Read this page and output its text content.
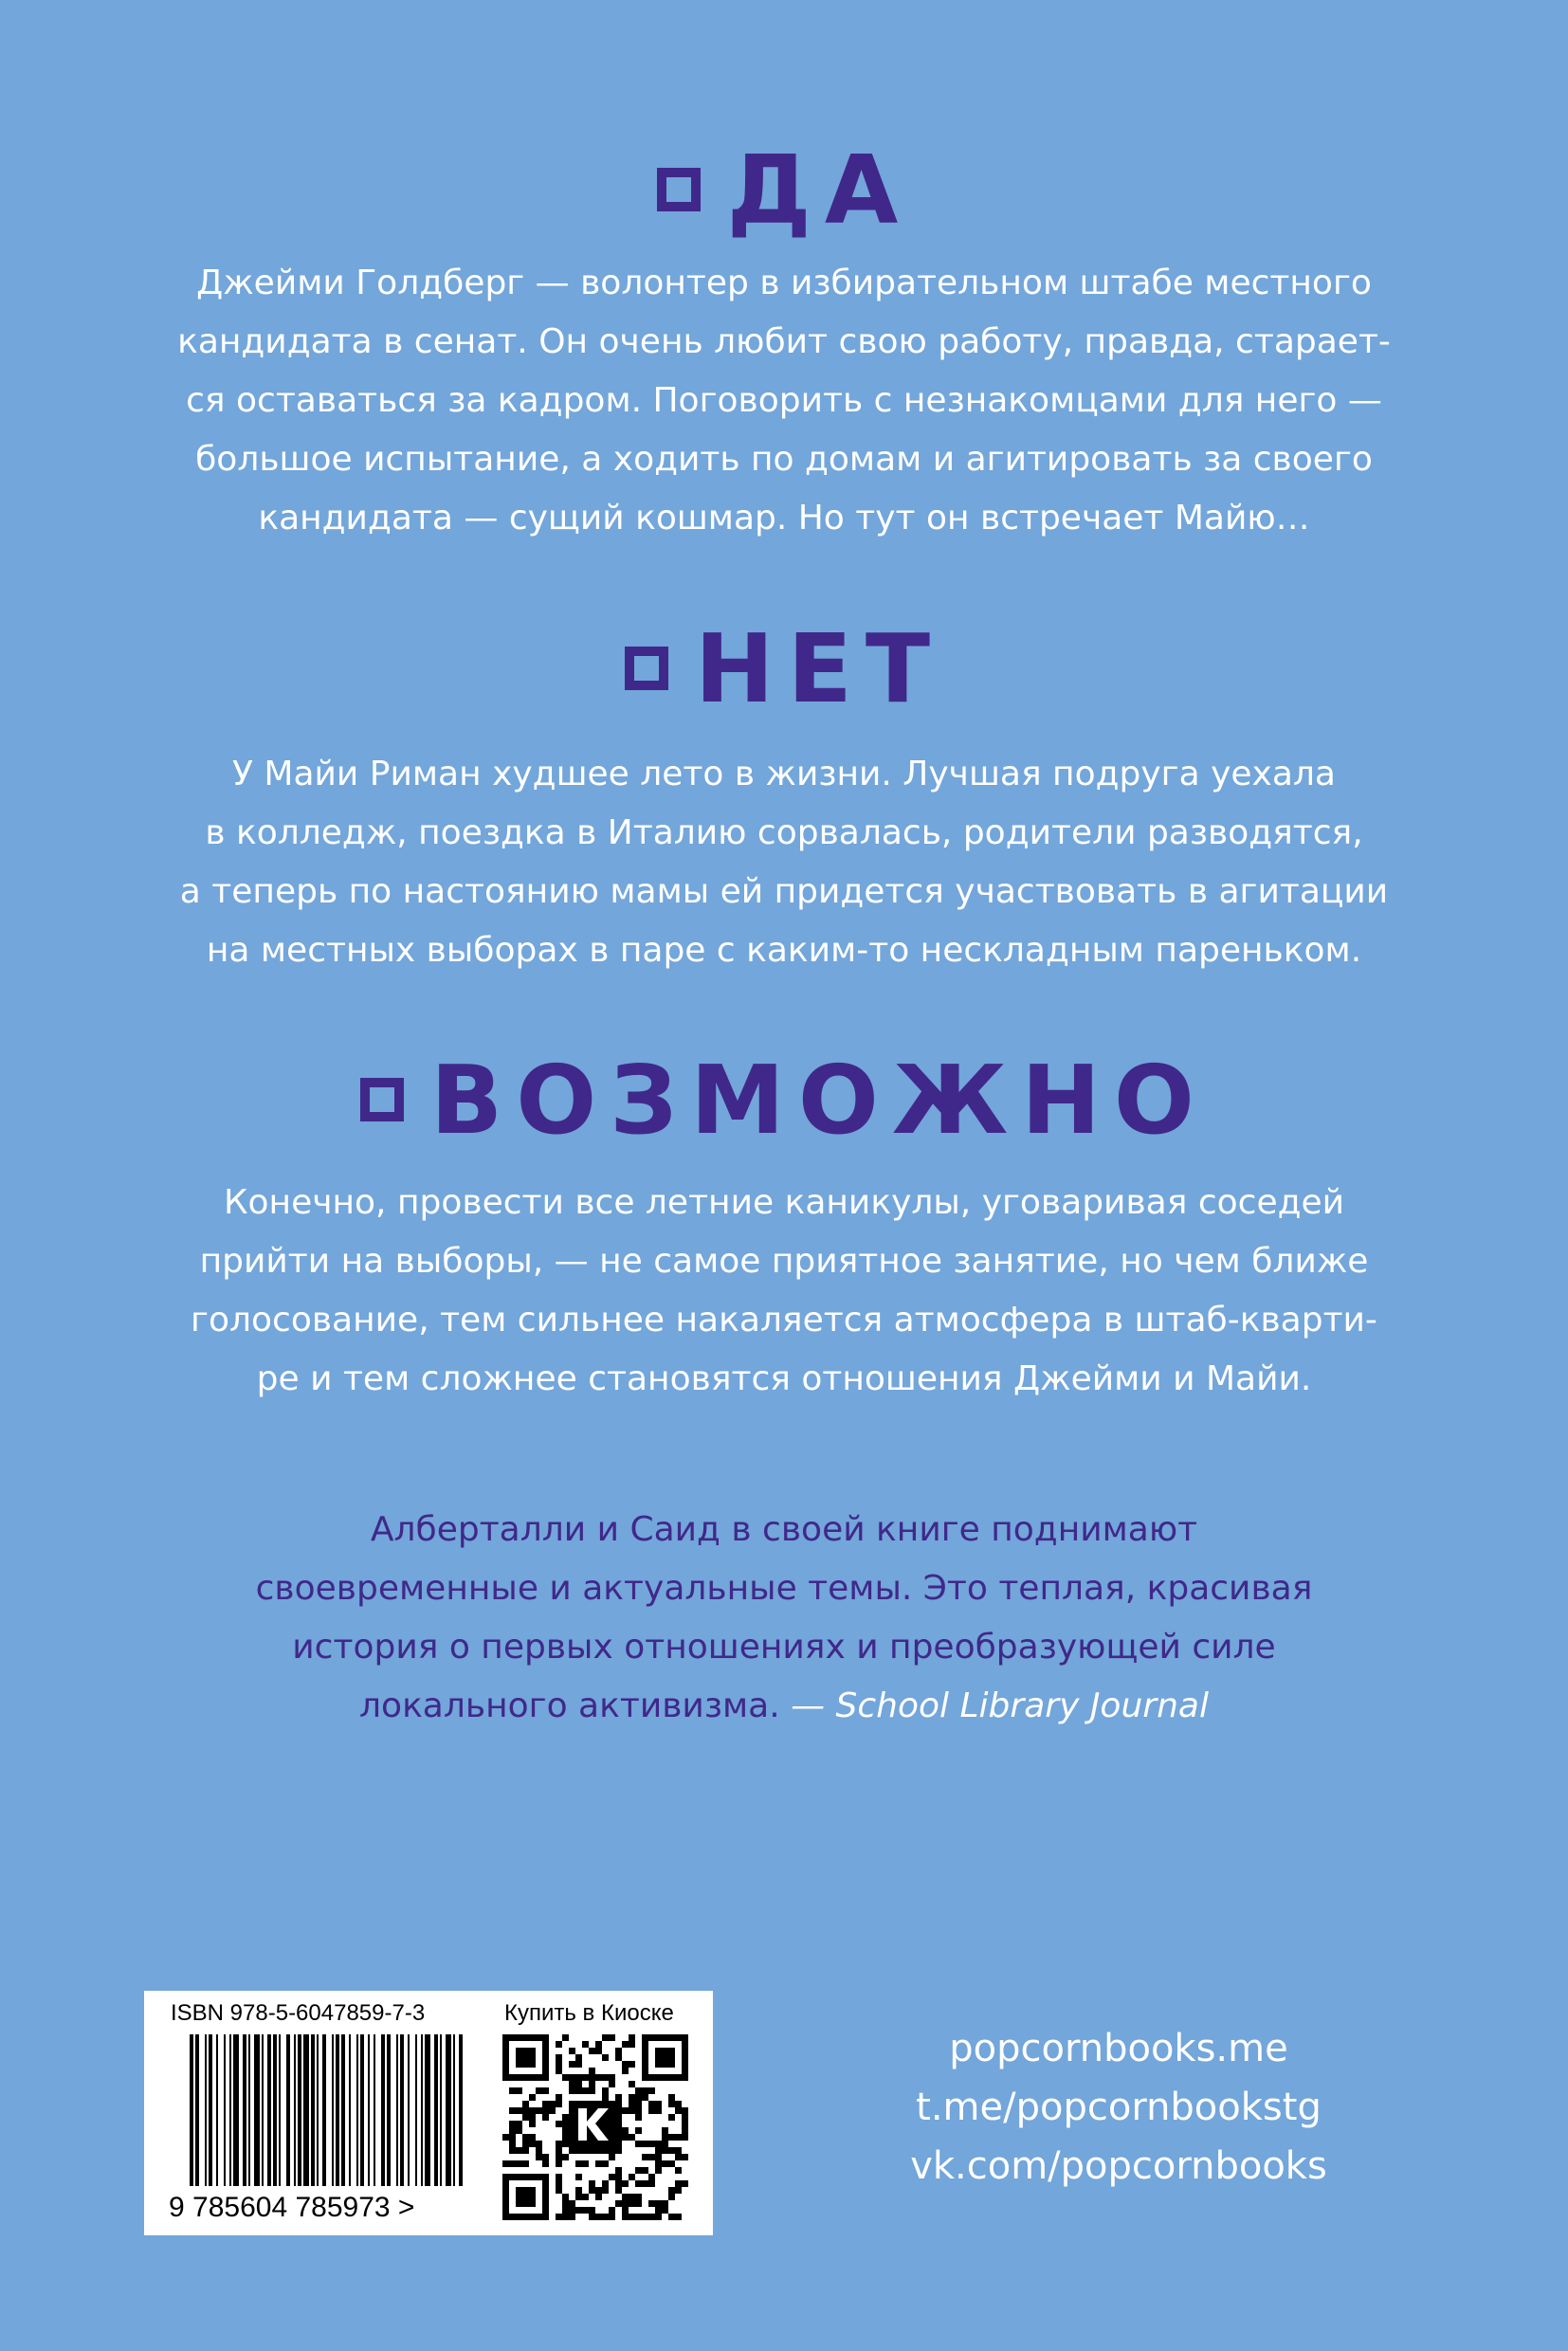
ДА
Джейми Голдберг — волонтер в избирательном штабе местного
кандидата в сенат. Он очень любит свою работу, правда, старает-
ся оставаться за кадром. Поговорить с незнакомцами для него —
большое испытание, а ходить по домам и агитировать за своего
кандидата — сущий кошмар. Но тут он встречает Майю…
НЕТ
У Майи Риман худшее лето в жизни. Лучшая подруга уехала
в колледж, поездка в Италию сорвалась, родители разводятся,
а теперь по настоянию мамы ей придется участвовать в агитации
на местных выборах в паре с каким-то нескладным пареньком.
ВОЗМОЖНО
Конечно, провести все летние каникулы, уговаривая соседей
прийти на выборы, — не самое приятное занятие, но чем ближе
голосование, тем сильнее накаляется атмосфера в штаб-кварти-
ре и тем сложнее становятся отношения Джейми и Майи.
Алберталли и Саид в своей книге поднимают
своевременные и актуальные темы. Это теплая, красивая
история о первых отношениях и преобразующей силе
локального активизма. — School Library Journal
ISBN 978-5-6047859-7-3	Купить в Киоске
9 785604 785973 >
popcornbooks.me
t.me/popcornbookstg
vk.com/popcornbooks
